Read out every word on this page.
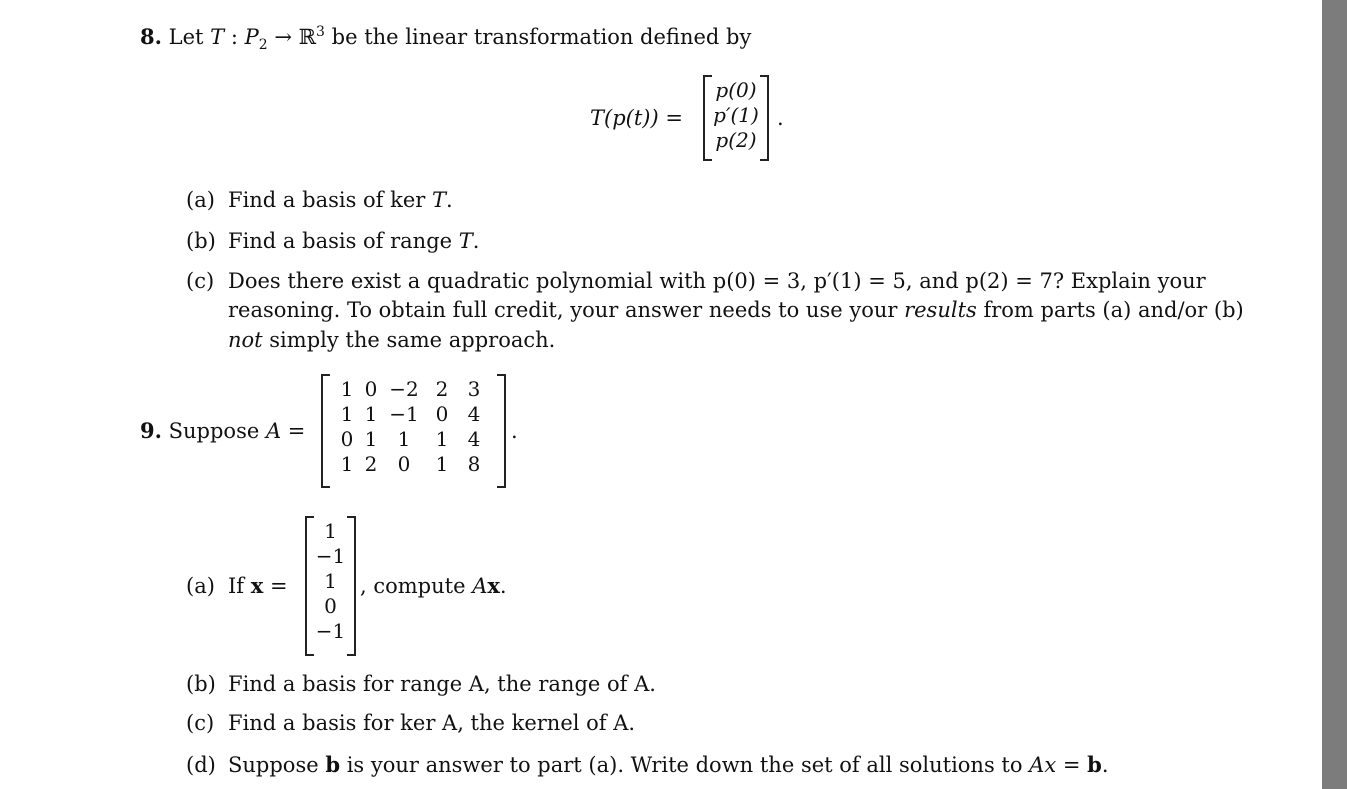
8. Let T : $P_2$ → ℝ$^3$ be the linear transformation defined by
T(p(t)) =
p(0)
p′(1)
p(2)
.
(a) Find a basis of ker T.
(b) Find a basis of range T.
(c) Does there exist a quadratic polynomial with p(0) = 3, p′(1) = 5, and p(2) = 7? Explain your
reasoning. To obtain full credit, your answer needs to use your results from parts (a) and/or (b)
not simply the same approach.
9. Suppose A =
1 0 −2 2 3
1 1 −1 0 4
0 1	1	1 4
1 2	0	1 8
.
(a) If x =
1
−1
1
0
−1
, compute Ax.
(b) Find a basis for range A, the range of A.
(c) Find a basis for ker A, the kernel of A.
(d) Suppose b is your answer to part (a). Write down the set of all solutions to Ax = b.
